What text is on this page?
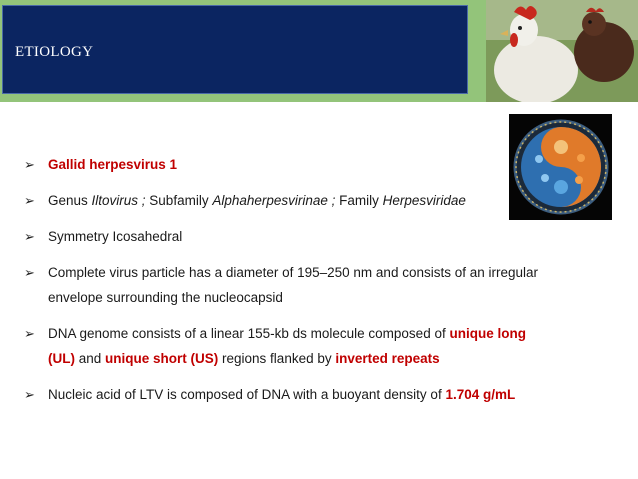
ETIOLOGY
➢ Gallid herpesvirus 1
➢ Genus Iltovirus ; Subfamily Alphaherpesvirinae ; Family Herpesviridae
➢ Symmetry Icosahedral
➢ Complete virus particle has a diameter of 195–250 nm and consists of an irregular
envelope surrounding the nucleocapsid
➢ DNA genome consists of a linear 155-kb ds molecule composed of unique long
(UL) and unique short (US) regions flanked by inverted repeats
➢ Nucleic acid of LTV is composed of DNA with a buoyant density of 1.704 g/mL
